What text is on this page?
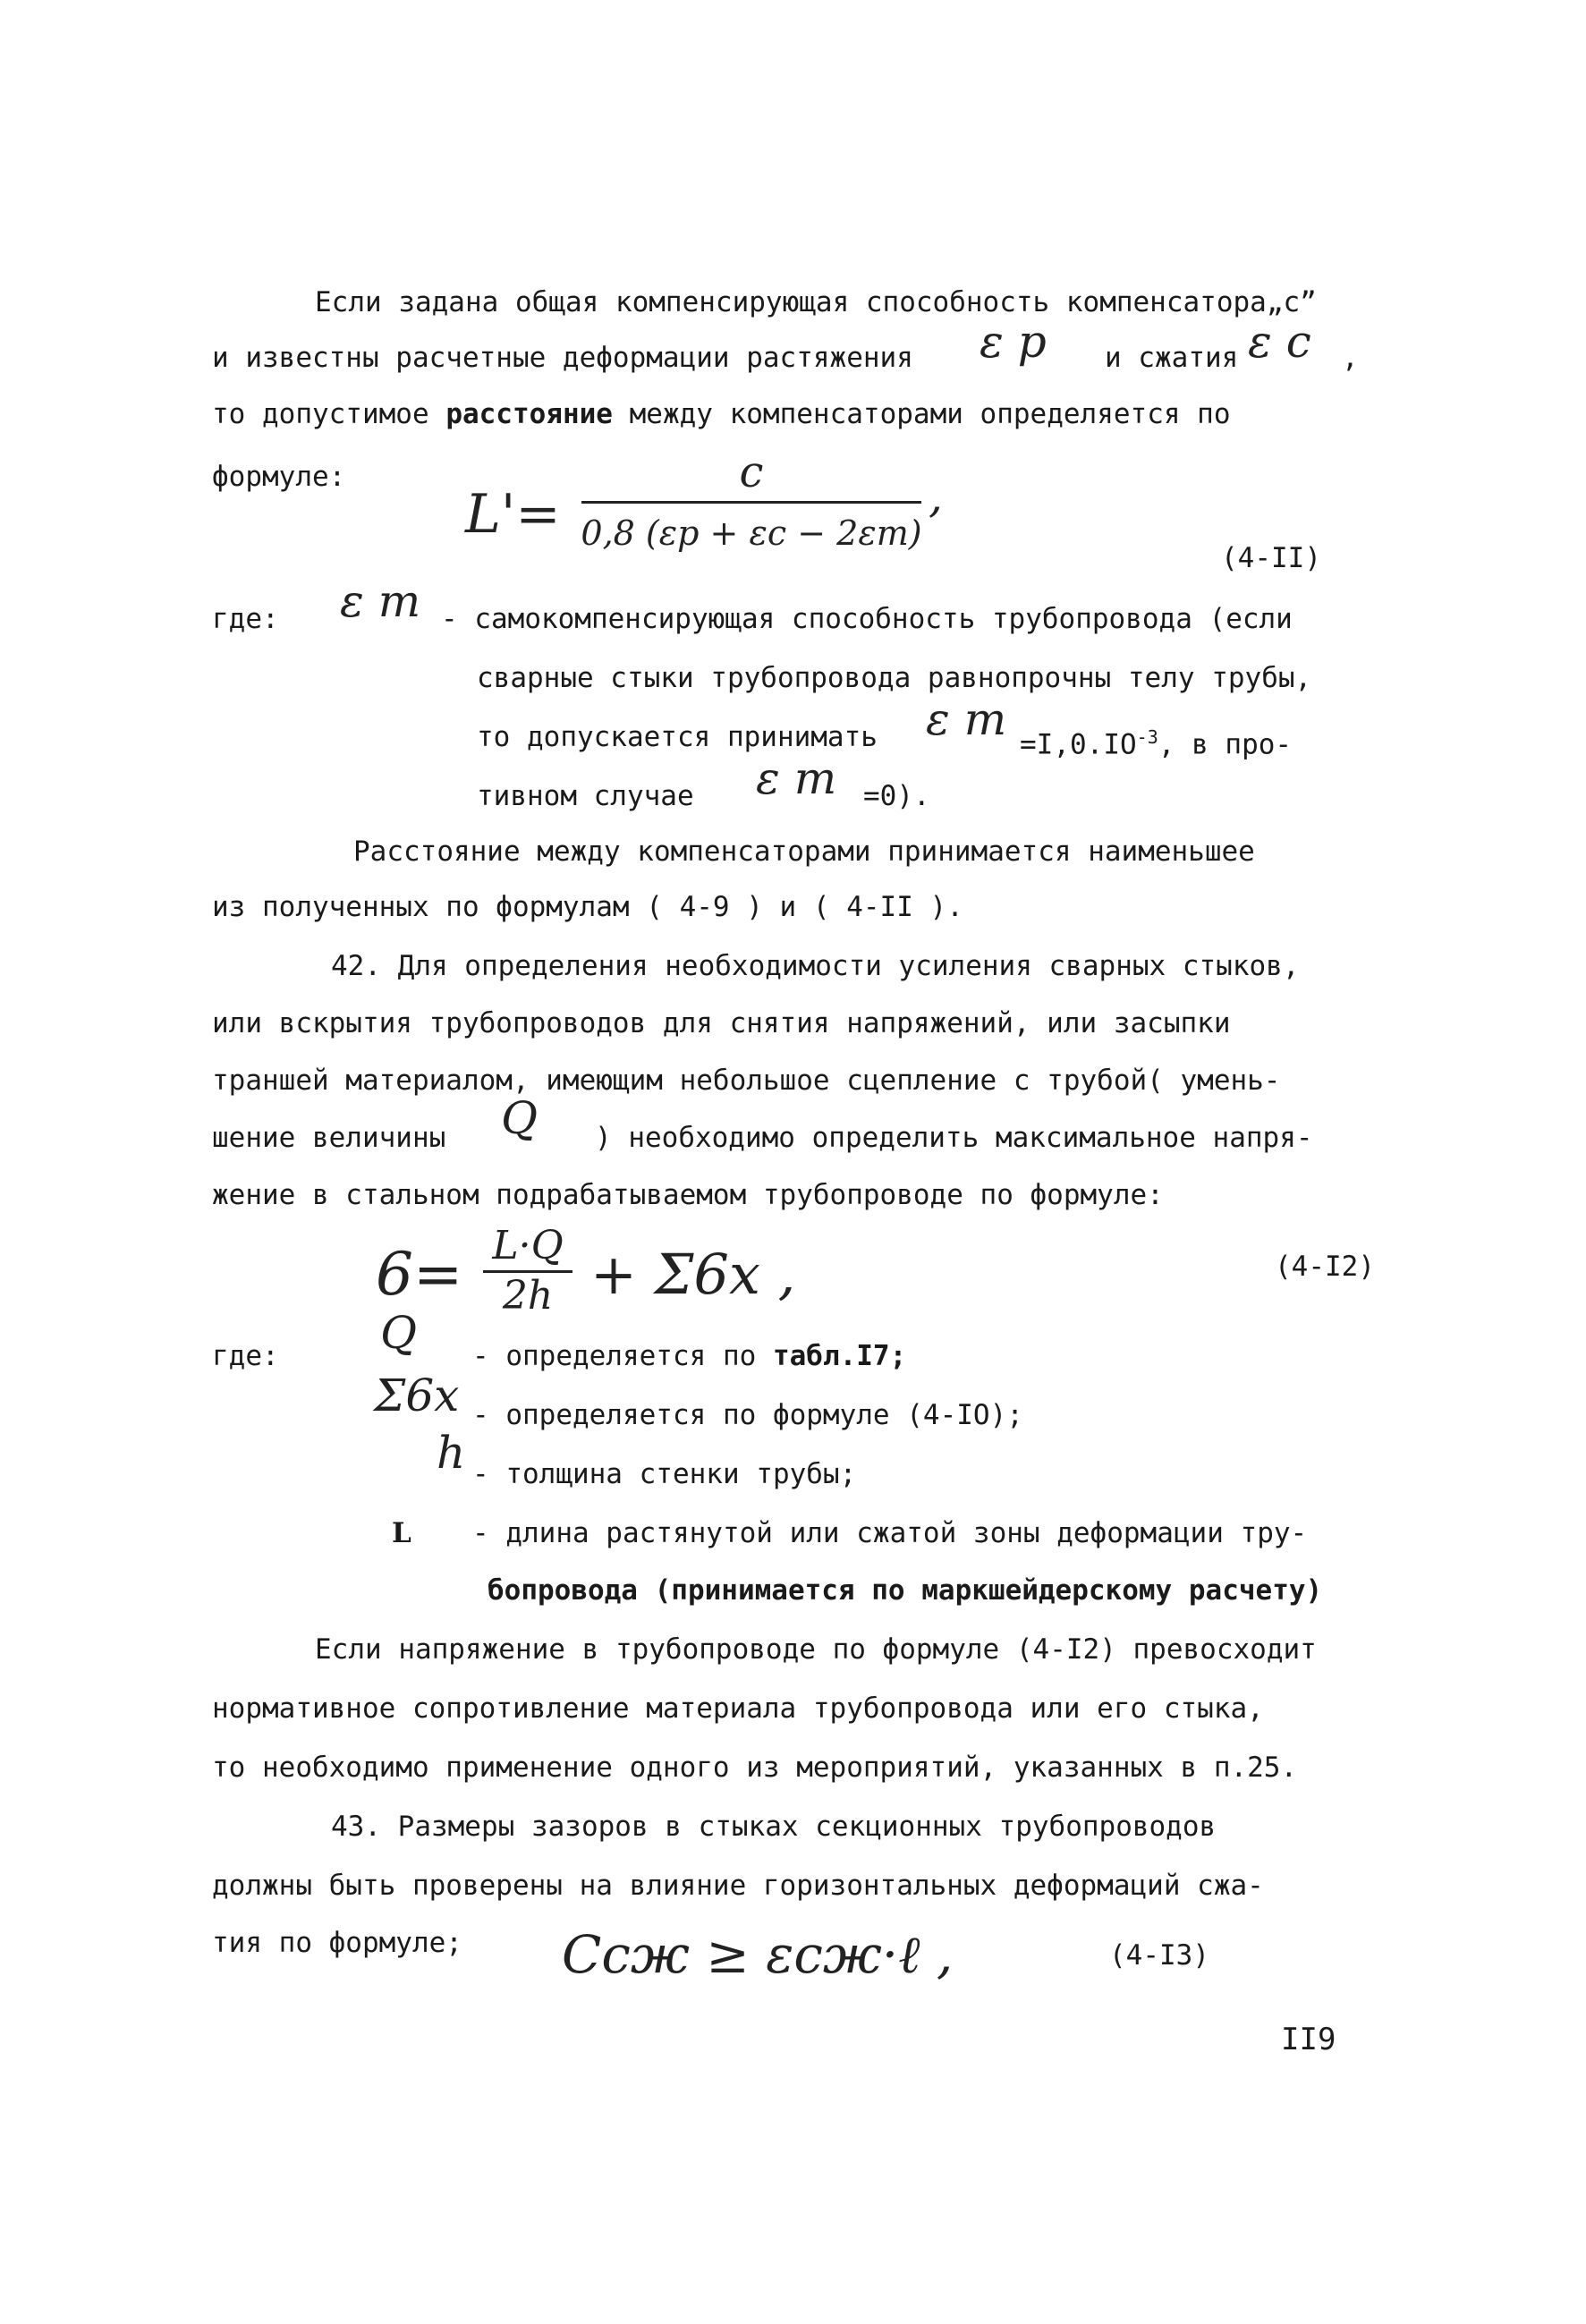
Если задана общая компенсирующая способность компенсатора„с”
и известны расчетные деформации растяжения ε p и сжатия ε c ,
то допустимое расстояние между компенсаторами определяется по
формуле:
L'=
c
0,8 (εp + εc − 2εт)
,
(4-II)
где: ε т - самокомпенсирующая способность трубопровода (если
сварные стыки трубопровода равнопрочны телу трубы,
то допускается принимать ε $т =I,0.IO^{-3}$, в про-
тивном случае ε т =0).
Расстояние между компенсаторами принимается наименьшее
из полученных по формулам ( 4-9 ) и ( 4-II ).
42. Для определения необходимости усиления сварных стыков,
или вскрытия трубопроводов для снятия напряжений, или засыпки
траншей материалом, имеющим небольшое сцепление с трубой( умень-
шение величины Q ) необходимо определить максимальное напря-
жение в стальном подрабатываемом трубопроводе по формуле:
6= L·Q
2h + Σ6x ,	(4-I2)
где: Q - определяется по табл.I7;
Σ6x - определяется по формуле (4-IO);
h - толщина стенки трубы;
L - длина растянутой или сжатой зоны деформации тру-
бопровода (принимается по маркшейдерскому расчету)
Если напряжение в трубопроводе по формуле (4-I2) превосходит
нормативное сопротивление материала трубопровода или его стыка,
то необходимо применение одного из мероприятий, указанных в п.25.
43. Размеры зазоров в стыках секционных трубопроводов
должны быть проверены на влияние горизонтальных деформаций сжа-
тия по формуле; Cсж ≥ εсж·ℓ ,	(4-I3)
II9
